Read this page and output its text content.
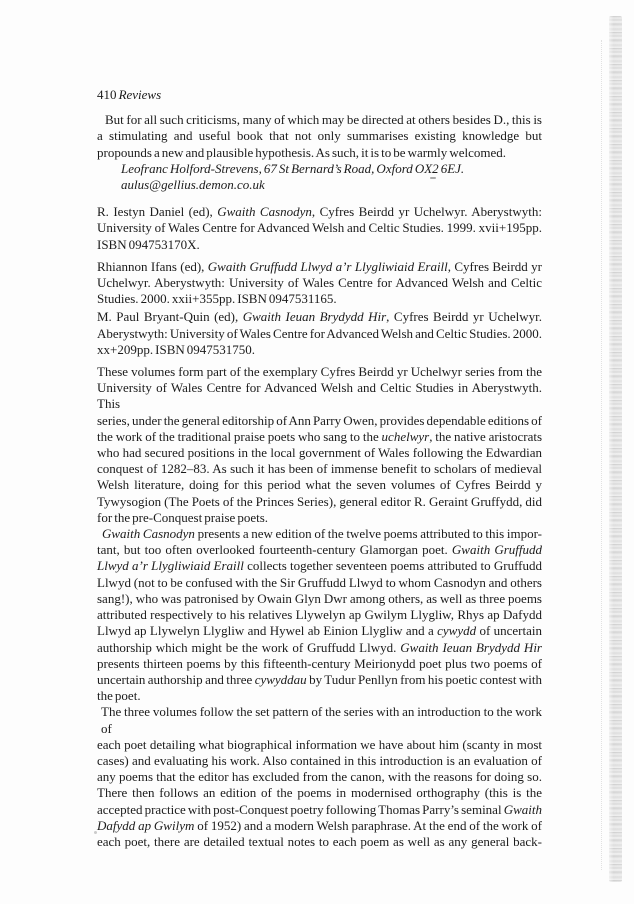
410 Reviews
But for all such criticisms, many of which may be directed at others besides D., this is
a stimulating and useful book that not only summarises existing knowledge but
propounds a new and plausible hypothesis. As such, it is to be warmly welcomed.
Leofranc Holford-Strevens, 67 St Bernard’s Road, Oxford OX2 6EJ.
aulus@gellius.demon.co.uk
R. Iestyn Daniel (ed), Gwaith Casnodyn, Cyfres Beirdd yr Uchelwyr. Aberystwyth:
University of Wales Centre for Advanced Welsh and Celtic Studies. 1999. xvii+195pp.
ISBN 094753170X.
Rhiannon Ifans (ed), Gwaith Gruffudd Llwyd a’r Llygliwiaid Eraill, Cyfres Beirdd yr
Uchelwyr. Aberystwyth: University of Wales Centre for Advanced Welsh and Celtic
Studies. 2000. xxii+355pp. ISBN 0947531165.
M. Paul Bryant-Quin (ed), Gwaith Ieuan Brydydd Hir, Cyfres Beirdd yr Uchelwyr.
Aberystwyth: University of Wales Centre for Advanced Welsh and Celtic Studies. 2000.
xx+209pp. ISBN 0947531750.
These volumes form part of the exemplary Cyfres Beirdd yr Uchelwyr series from the
University of Wales Centre for Advanced Welsh and Celtic Studies in Aberystwyth. This
series, under the general editorship of Ann Parry Owen, provides dependable editions of
the work of the traditional praise poets who sang to the uchelwyr, the native aristocrats
who had secured positions in the local government of Wales following the Edwardian
conquest of 1282–83. As such it has been of immense benefit to scholars of medieval
Welsh literature, doing for this period what the seven volumes of Cyfres Beirdd y
Tywysogion (The Poets of the Princes Series), general editor R. Geraint Gruffydd, did
for the pre-Conquest praise poets.
Gwaith Casnodyn presents a new edition of the twelve poems attributed to this impor-
tant, but too often overlooked fourteenth-century Glamorgan poet. Gwaith Gruffudd
Llwyd a’r Llygliwiaid Eraill collects together seventeen poems attributed to Gruffudd
Llwyd (not to be confused with the Sir Gruffudd Llwyd to whom Casnodyn and others
sang!), who was patronised by Owain Glyn Dwr among others, as well as three poems
attributed respectively to his relatives Llywelyn ap Gwilym Llygliw, Rhys ap Dafydd
Llwyd ap Llywelyn Llygliw and Hywel ab Einion Llygliw and a cywydd of uncertain
authorship which might be the work of Gruffudd Llwyd. Gwaith Ieuan Brydydd Hir
presents thirteen poems by this fifteenth-century Meirionydd poet plus two poems of
uncertain authorship and three cywyddau by Tudur Penllyn from his poetic contest with
the poet.
The three volumes follow the set pattern of the series with an introduction to the work of
each poet detailing what biographical information we have about him (scanty in most
cases) and evaluating his work. Also contained in this introduction is an evaluation of
any poems that the editor has excluded from the canon, with the reasons for doing so.
There then follows an edition of the poems in modernised orthography (this is the
accepted practice with post-Conquest poetry following Thomas Parry’s seminal Gwaith
Dafydd ap Gwilym of 1952) and a modern Welsh paraphrase. At the end of the work of
each poet, there are detailed textual notes to each poem as well as any general back-
